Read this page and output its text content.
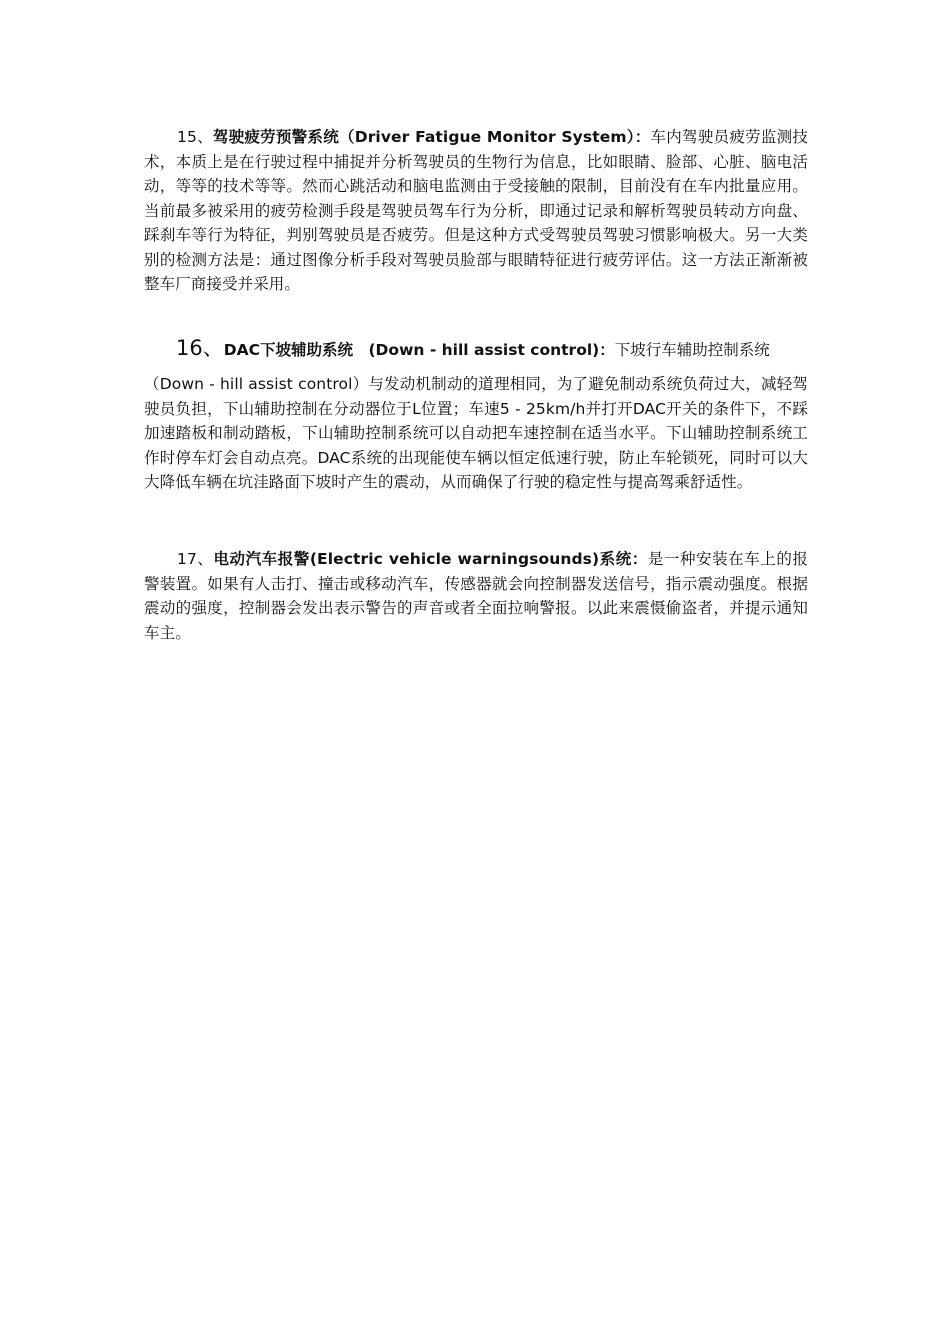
15、驾驶疲劳预警系统（Driver Fatigue Monitor System）：车内驾驶员疲劳监测技术，本质上是在行驶过程中捕捉并分析驾驶员的生物行为信息，比如眼睛、脸部、心脏、脑电活动，等等的技术等等。然而心跳活动和脑电监测由于受接触的限制，目前没有在车内批量应用。当前最多被采用的疲劳检测手段是驾驶员驾车行为分析，即通过记录和解析驾驶员转动方向盘、踩刹车等行为特征，判别驾驶员是否疲劳。但是这种方式受驾驶员驾驶习惯影响极大。另一大类别的检测方法是：通过图像分析手段对驾驶员脸部与眼睛特征进行疲劳评估。这一方法正渐渐被整车厂商接受并采用。
16、DAC下坡辅助系统　(Down - hill assist control)：下坡行车辅助控制系统
（Down - hill assist control）与发动机制动的道理相同，为了避免制动系统负荷过大，减轻驾驶员负担，下山辅助控制在分动器位于L位置；车速5 - 25km/h并打开DAC开关的条件下，不踩加速踏板和制动踏板，下山辅助控制系统可以自动把车速控制在适当水平。下山辅助控制系统工作时停车灯会自动点亮。DAC系统的出现能使车辆以恒定低速行驶，防止车轮锁死，同时可以大大降低车辆在坑洼路面下坡时产生的震动，从而确保了行驶的稳定性与提高驾乘舒适性。
17、电动汽车报警(Electric vehicle warningsounds)系统：是一种安装在车上的报警装置。如果有人击打、撞击或移动汽车，传感器就会向控制器发送信号，指示震动强度。根据震动的强度，控制器会发出表示警告的声音或者全面拉响警报。以此来震慑偷盗者，并提示通知车主。
